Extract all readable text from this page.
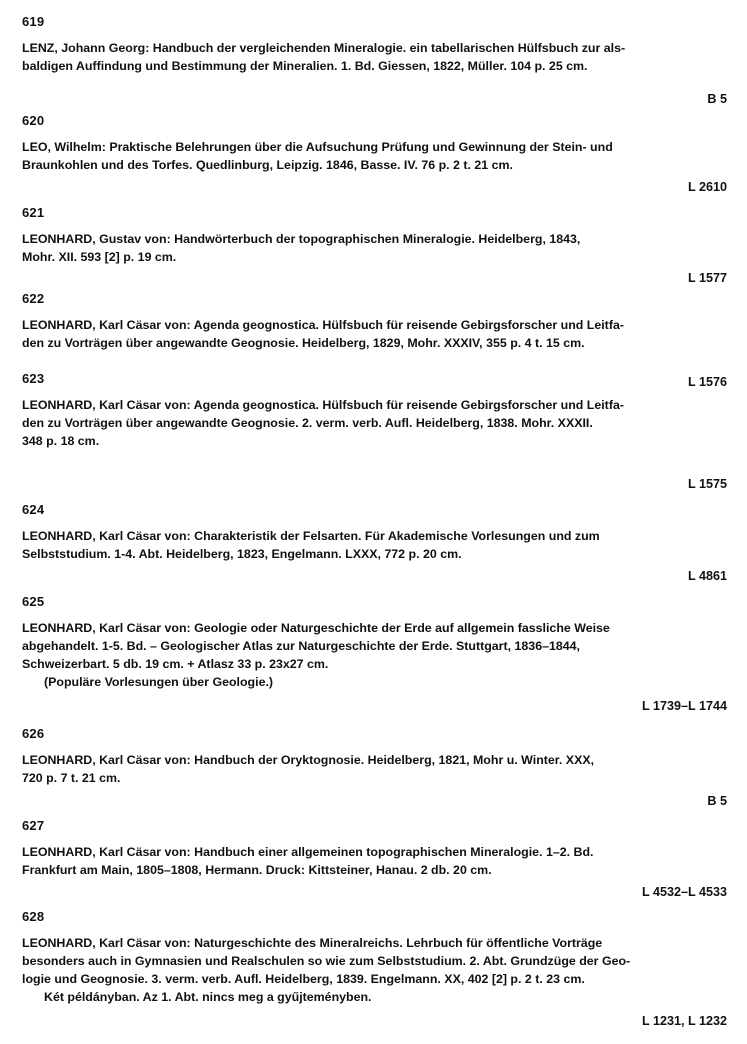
619
LENZ, Johann Georg: Handbuch der vergleichenden Mineralogie. ein tabellarischen Hülfsbuch zur als-
baldigen Auffindung und Bestimmung der Mineralien. 1. Bd. Giessen, 1822, Müller. 104 p. 25 cm.
B 5
620
LEO, Wilhelm: Praktische Belehrungen über die Aufsuchung Prüfung und Gewinnung der Stein- und
Braunkohlen und des Torfes. Quedlinburg, Leipzig. 1846, Basse. IV. 76 p. 2 t. 21 cm.
L 2610
621
LEONHARD, Gustav von: Handwörterbuch der topographischen Mineralogie. Heidelberg, 1843,
Mohr. XII. 593 [2] p. 19 cm.
L 1577
622
LEONHARD, Karl Cäsar von: Agenda geognostica. Hülfsbuch für reisende Gebirgsforscher und Leitfa-
den zu Vorträgen über angewandte Geognosie. Heidelberg, 1829, Mohr. XXXIV, 355 p. 4 t. 15 cm.
L 1576
623
LEONHARD, Karl Cäsar von: Agenda geognostica. Hülfsbuch für reisende Gebirgsforscher und Leitfa-
den zu Vorträgen über angewandte Geognosie. 2. verm. verb. Aufl. Heidelberg, 1838. Mohr. XXXII.
348 p. 18 cm.
L 1575
624
LEONHARD, Karl Cäsar von: Charakteristik der Felsarten. Für Akademische Vorlesungen und zum
Selbststudium. 1-4. Abt. Heidelberg, 1823, Engelmann. LXXX, 772 p. 20 cm.
L 4861
625
LEONHARD, Karl Cäsar von: Geologie oder Naturgeschichte der Erde auf allgemein fassliche Weise
abgehandelt. 1-5. Bd. – Geologischer Atlas zur Naturgeschichte der Erde. Stuttgart, 1836–1844,
Schweizerbart. 5 db. 19 cm. + Atlasz 33 p. 23x27 cm.
(Populäre Vorlesungen über Geologie.)
L 1739–L 1744
626
LEONHARD, Karl Cäsar von: Handbuch der Oryktognosie. Heidelberg, 1821, Mohr u. Winter. XXX,
720 p. 7 t. 21 cm.
B 5
627
LEONHARD, Karl Cäsar von: Handbuch einer allgemeinen topographischen Mineralogie. 1–2. Bd.
Frankfurt am Main, 1805–1808, Hermann. Druck: Kittsteiner, Hanau. 2 db. 20 cm.
L 4532–L 4533
628
LEONHARD, Karl Cäsar von: Naturgeschichte des Mineralreichs. Lehrbuch für öffentliche Vorträge
besonders auch in Gymnasien und Realschulen so wie zum Selbststudium. 2. Abt. Grundzüge der Geo-
logie und Geognosie. 3. verm. verb. Aufl. Heidelberg, 1839. Engelmann. XX, 402 [2] p. 2 t. 23 cm.
Két példányban. Az 1. Abt. nincs meg a gyűjteményben.
L 1231, L 1232
